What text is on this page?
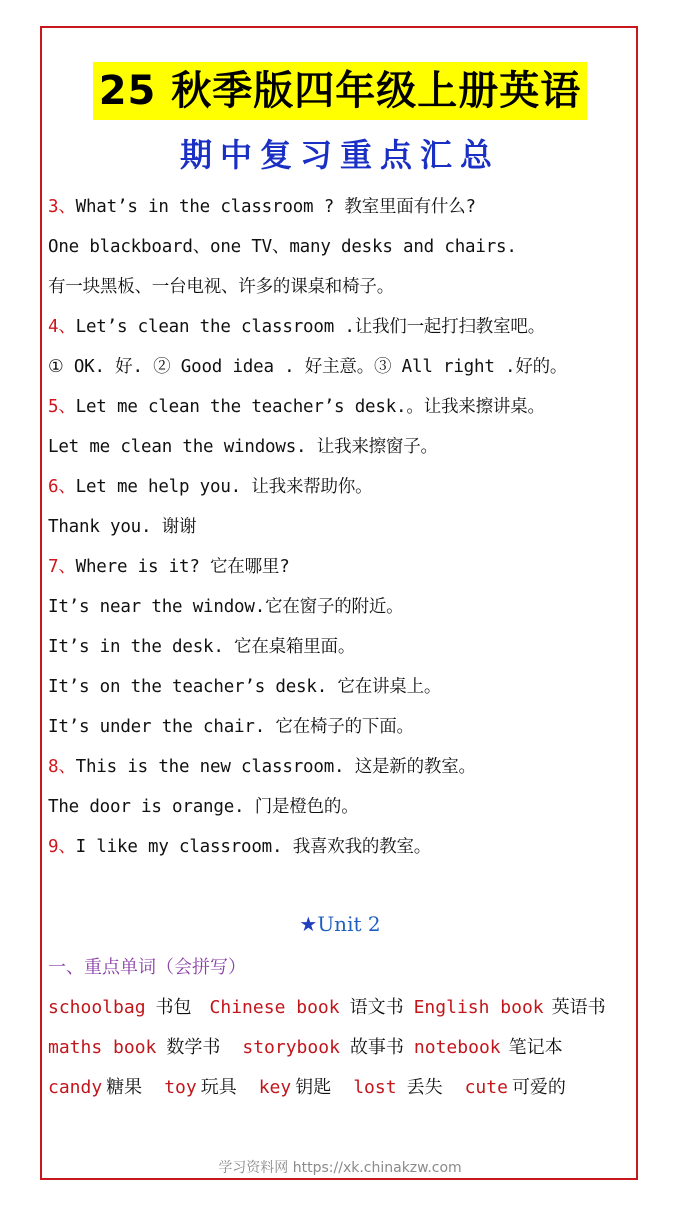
25 秋季版四年级上册英语
期中复习重点汇总
3、What’s in the classroom ? 教室里面有什么?
One blackboard、one TV、many desks and chairs.
有一块黑板、一台电视、许多的课桌和椅子。
4、Let’s clean the classroom .让我们一起打扫教室吧。
① OK. 好. ② Good idea . 好主意。③ All right .好的。
5、Let me clean the teacher’s desk.。让我来擦讲桌。
Let me clean the windows. 让我来擦窗子。
6、Let me help you. 让我来帮助你。
Thank you. 谢谢
7、Where is it? 它在哪里?
It’s near the window.它在窗子的附近。
It’s in the desk. 它在桌箱里面。
It’s on the teacher’s desk. 它在讲桌上。
It’s under the chair. 它在椅子的下面。
8、This is the new classroom. 这是新的教室。
The door is orange. 门是橙色的。
9、I like my classroom. 我喜欢我的教室。
★Unit 2
一、重点单词（会拼写）
schoolbag 书包 Chinese book 语文书 English book 英语书
maths book 数学书 storybook 故事书 notebook 笔记本
candy 糖果 toy 玩具 key 钥匙 lost 丢失 cute 可爱的
学习资料网 https://xk.chinakzw.com
